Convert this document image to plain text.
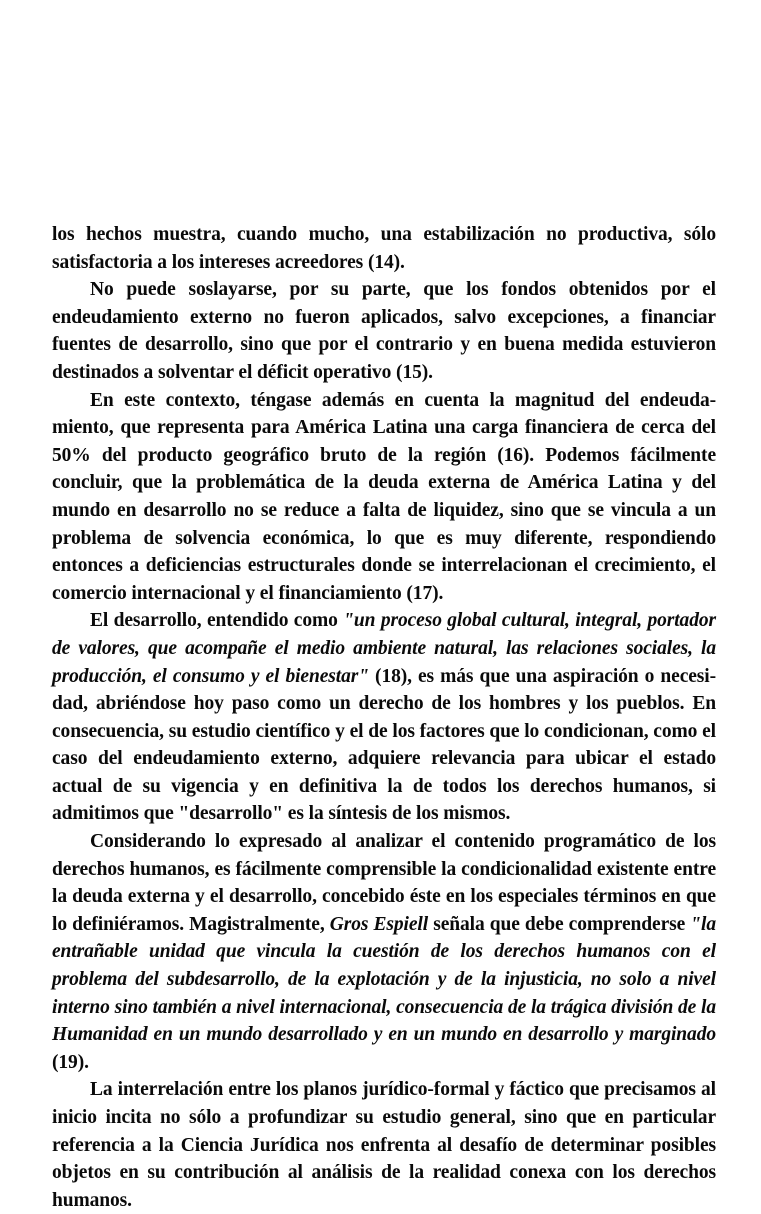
los hechos muestra, cuando mucho, una estabilización no productiva, sólo satisfactoria a los intereses acreedores (14).

No puede soslayarse, por su parte, que los fondos obtenidos por el endeudamiento externo no fueron aplicados, salvo excepciones, a financiar fuentes de desarrollo, sino que por el contrario y en buena medida estuvieron destinados a solventar el déficit operativo (15).

En este contexto, téngase además en cuenta la magnitud del endeuda-miento, que representa para América Latina una carga financiera de cerca del 50% del producto geográfico bruto de la región (16). Podemos fácilmente concluir, que la problemática de la deuda externa de América Latina y del mundo en desarrollo no se reduce a falta de liquidez, sino que se vincula a un problema de solvencia económica, lo que es muy diferente, respondiendo entonces a deficiencias estructurales donde se interrelacionan el crecimiento, el comercio internacional y el financiamiento (17).

El desarrollo, entendido como "un proceso global cultural, integral, portador de valores, que acompañe el medio ambiente natural, las relaciones sociales, la producción, el consumo y el bienestar" (18), es más que una aspiración o necesi-dad, abriéndose hoy paso como un derecho de los hombres y los pueblos. En consecuencia, su estudio científico y el de los factores que lo condicionan, como el caso del endeudamiento externo, adquiere relevancia para ubicar el estado actual de su vigencia y en definitiva la de todos los derechos humanos, si admitimos que "desarrollo" es la síntesis de los mismos.

Considerando lo expresado al analizar el contenido programático de los derechos humanos, es fácilmente comprensible la condicionalidad existente entre la deuda externa y el desarrollo, concebido éste en los especiales términos en que lo definiéramos. Magistralmente, Gros Espiell señala que debe comprenderse "la entrañable unidad que vincula la cuestión de los derechos humanos con el problema del subdesarrollo, de la explotación y de la injusticia, no solo a nivel interno sino también a nivel internacional, consecuencia de la trágica división de la Humanidad en un mundo desarrollado y en un mundo en desarrollo y marginado (19).

La interrelación entre los planos jurídico-formal y fáctico que precisamos al inicio incita no sólo a profundizar su estudio general, sino que en particular referencia a la Ciencia Jurídica nos enfrenta al desafío de determinar posibles objetos en su contribución al análisis de la realidad conexa con los derechos humanos.
